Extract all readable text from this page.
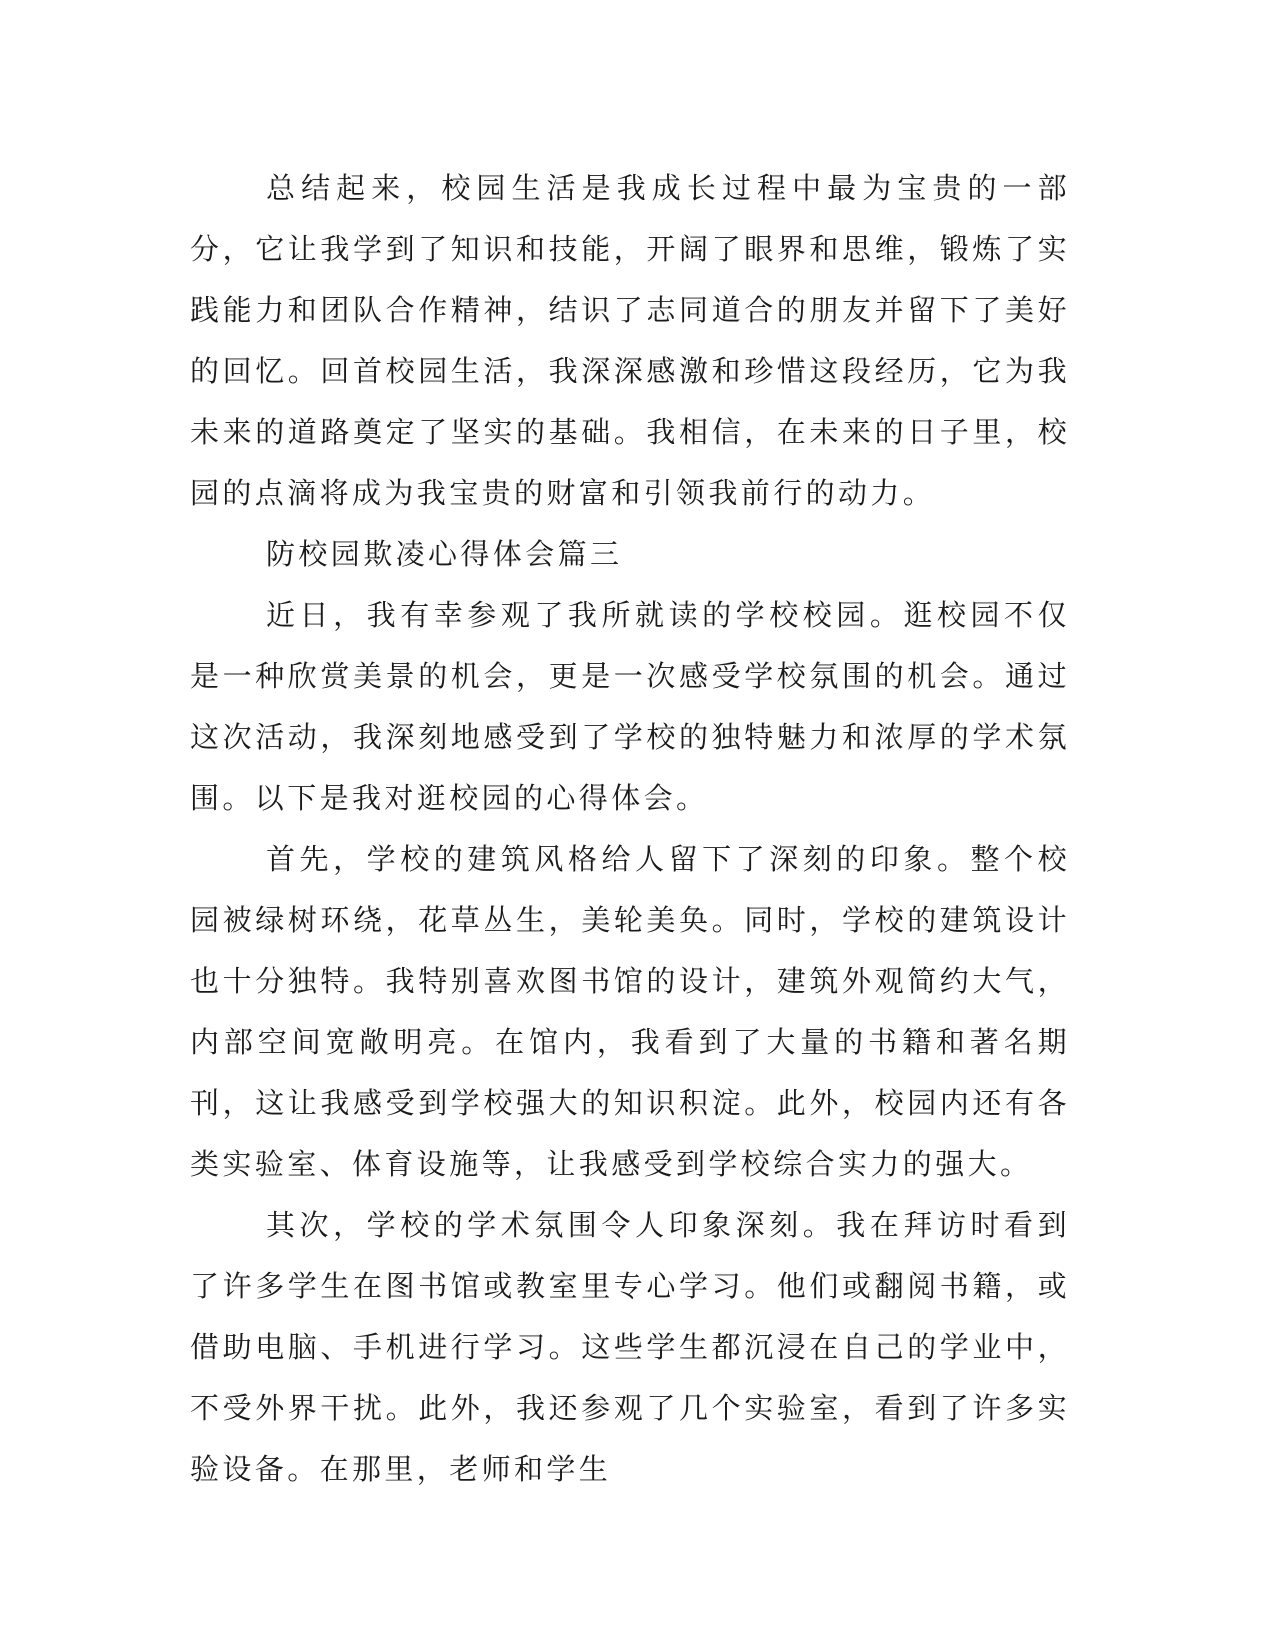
总结起来，校园生活是我成长过程中最为宝贵的一部分，它让我学到了知识和技能，开阔了眼界和思维，锻炼了实践能力和团队合作精神，结识了志同道合的朋友并留下了美好的回忆。回首校园生活，我深深感激和珍惜这段经历，它为我未来的道路奠定了坚实的基础。我相信，在未来的日子里，校园的点滴将成为我宝贵的财富和引领我前行的动力。

防校园欺凌心得体会篇三

近日，我有幸参观了我所就读的学校校园。逛校园不仅是一种欣赏美景的机会，更是一次感受学校氛围的机会。通过这次活动，我深刻地感受到了学校的独特魅力和浓厚的学术氛围。以下是我对逛校园的心得体会。

首先，学校的建筑风格给人留下了深刻的印象。整个校园被绿树环绕，花草丛生，美轮美奂。同时，学校的建筑设计也十分独特。我特别喜欢图书馆的设计，建筑外观简约大气，内部空间宽敞明亮。在馆内，我看到了大量的书籍和著名期刊，这让我感受到学校强大的知识积淀。此外，校园内还有各类实验室、体育设施等，让我感受到学校综合实力的强大。

其次，学校的学术氛围令人印象深刻。我在拜访时看到了许多学生在图书馆或教室里专心学习。他们或翻阅书籍，或借助电脑、手机进行学习。这些学生都沉浸在自己的学业中，不受外界干扰。此外，我还参观了几个实验室，看到了许多实验设备。在那里，老师和学生
